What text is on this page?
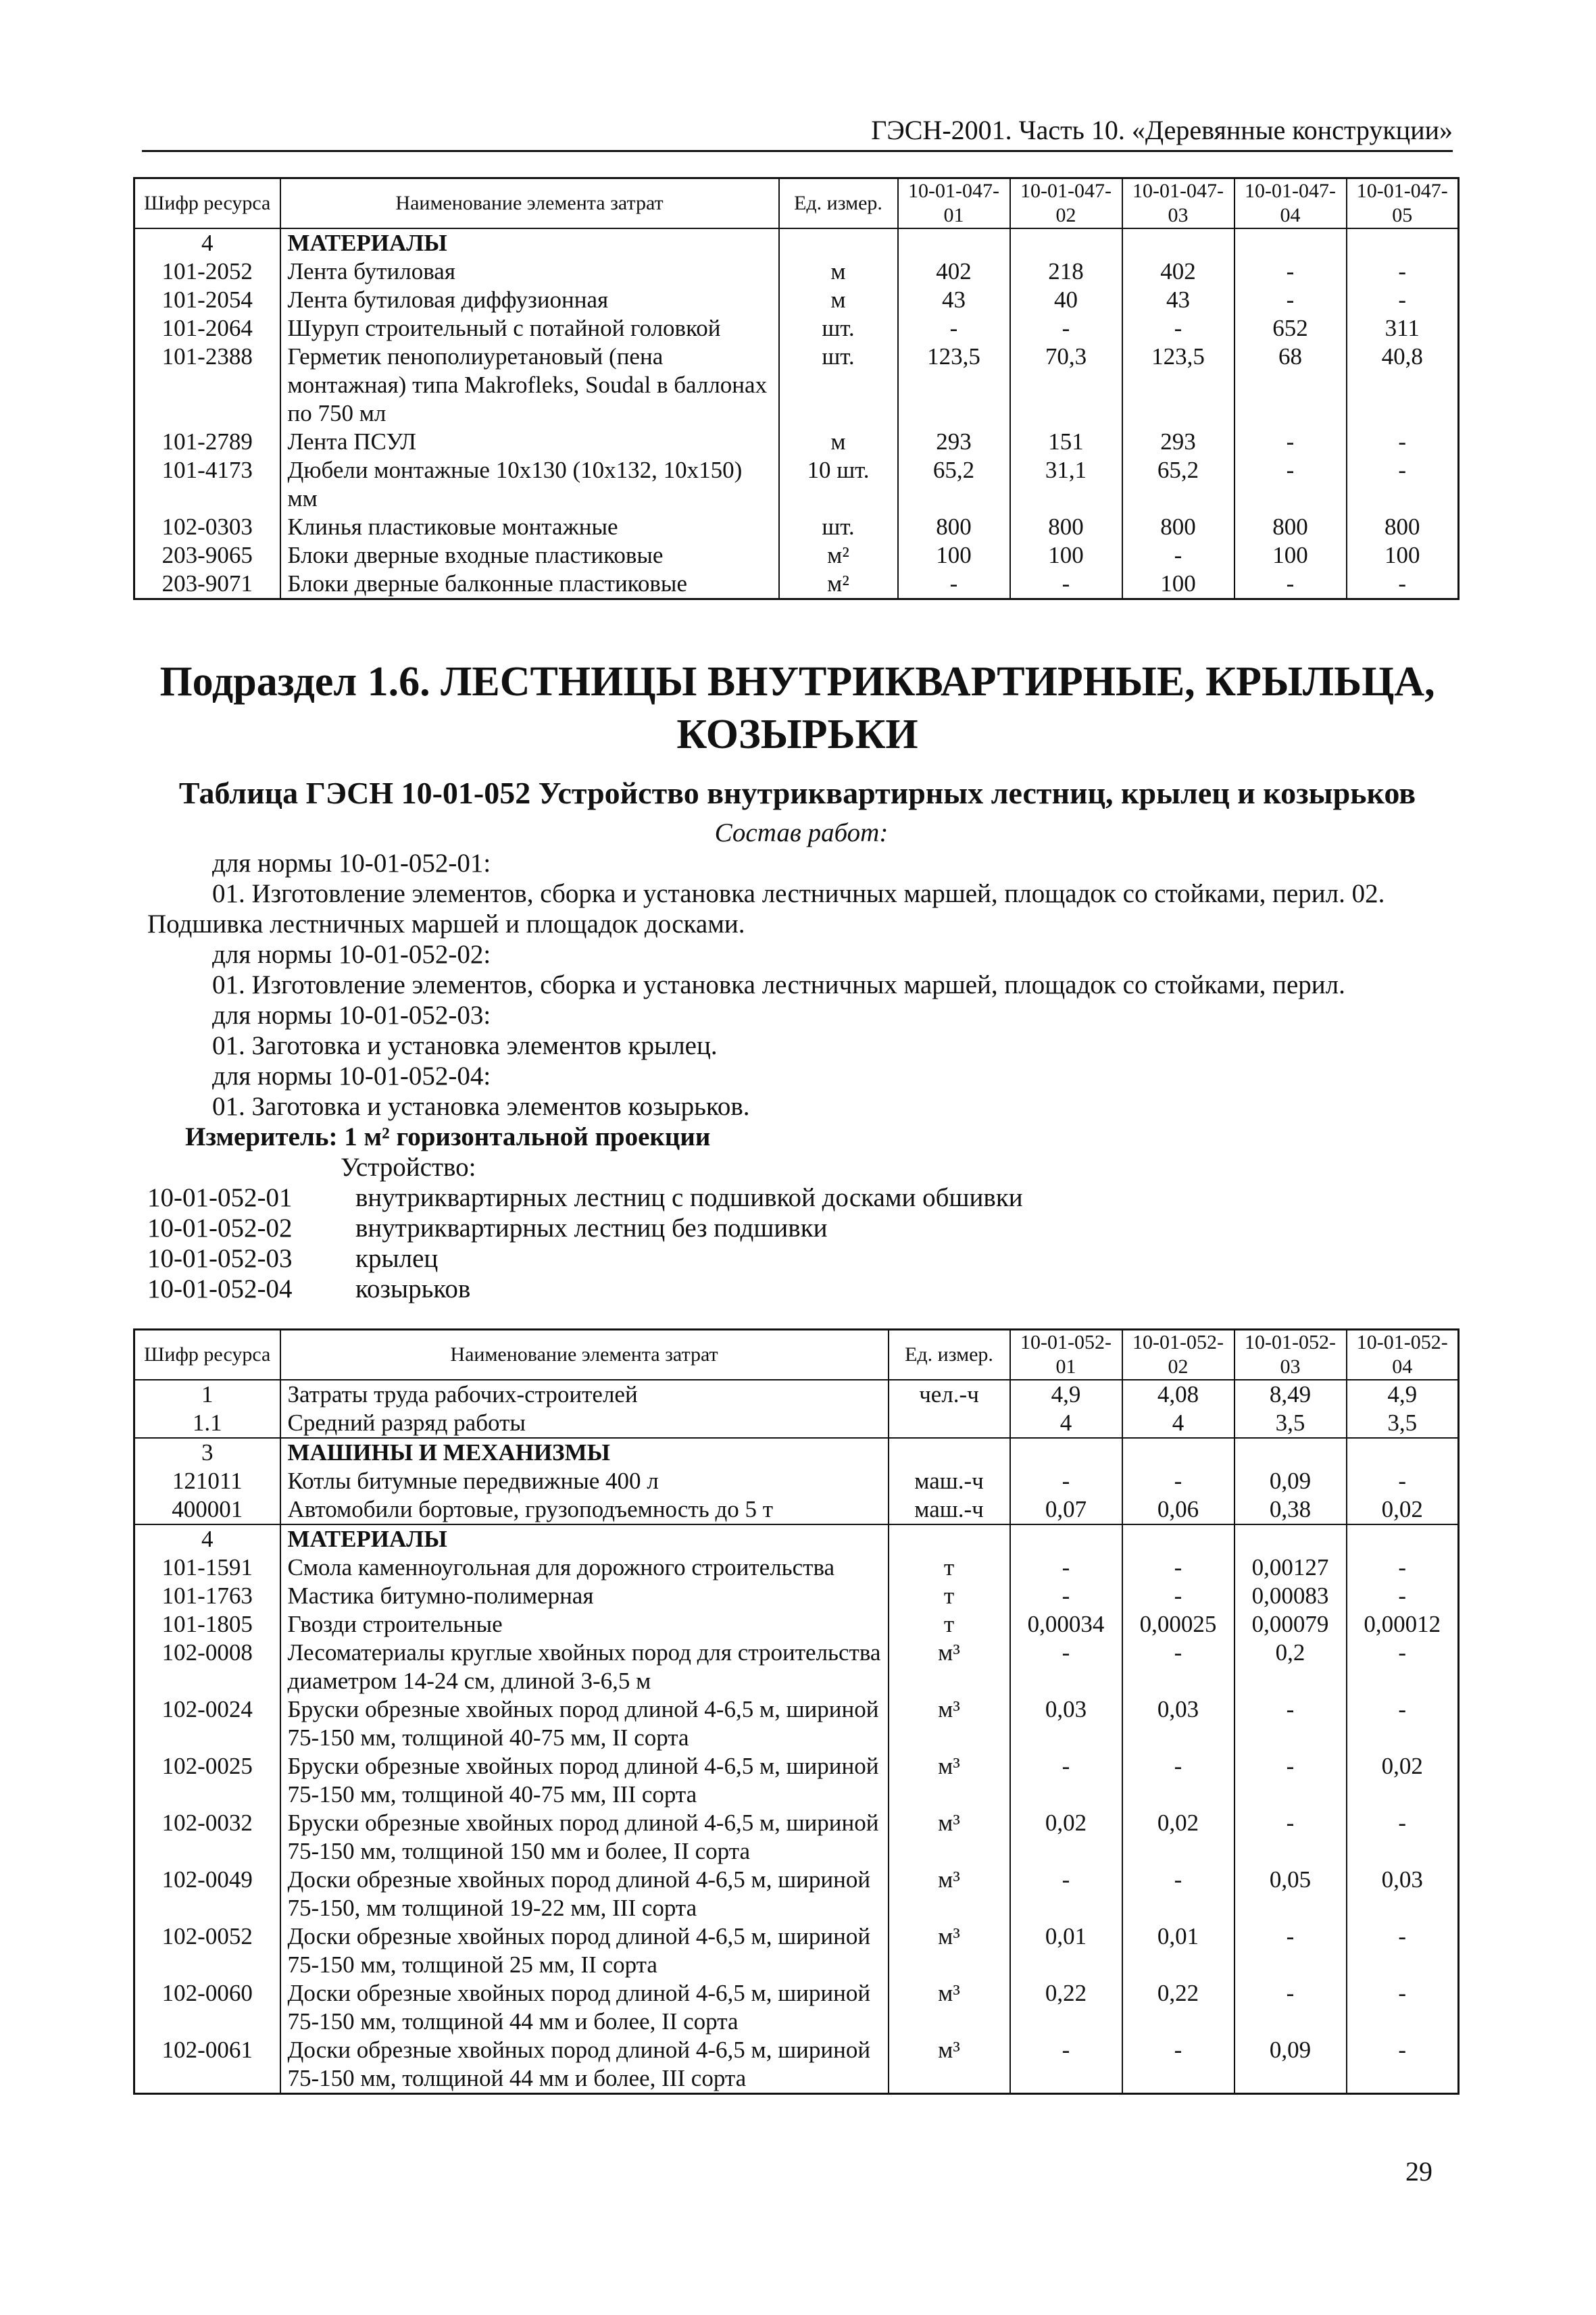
ГЭСН-2001. Часть 10. «Деревянные конструкции»
Шифр ресурса	Наименование элемента затрат	Ед. измер.	10-01-047-01	10-01-047-02	10-01-047-03	10-01-047-04	10-01-047-05
4	МАТЕРИАЛЫ						
101-2052	Лента бутиловая	м	402	218	402	-	-
101-2054	Лента бутиловая диффузионная	м	43	40	43	-	-
101-2064	Шуруп строительный с потайной головкой	шт.	-	-	-	652	311
101-2388	Герметик пенополиуретановый (пена монтажная) типа Makrofleks, Soudal в баллонах по 750 мл	шт.	123,5	70,3	123,5	68	40,8
101-2789	Лента ПСУЛ	м	293	151	293	-	-
101-4173	Дюбели монтажные 10х130 (10х132, 10х150) мм	10 шт.	65,2	31,1	65,2	-	-
102-0303	Клинья пластиковые монтажные	шт.	800	800	800	800	800
203-9065	Блоки дверные входные пластиковые	м²	100	100	-	100	100
203-9071	Блоки дверные балконные пластиковые	м²	-	-	100	-	-
Подраздел 1.6. ЛЕСТНИЦЫ ВНУТРИКВАРТИРНЫЕ, КРЫЛЬЦА, КОЗЫРЬКИ
Таблица ГЭСН 10-01-052 Устройство внутриквартирных лестниц, крылец и козырьков
Состав работ:
для нормы 10-01-052-01:
01. Изготовление элементов, сборка и установка лестничных маршей, площадок со стойками, перил. 02.
Подшивка лестничных маршей и площадок досками.
для нормы 10-01-052-02:
01. Изготовление элементов, сборка и установка лестничных маршей, площадок со стойками, перил.
для нормы 10-01-052-03:
01. Заготовка и установка элементов крылец.
для нормы 10-01-052-04:
01. Заготовка и установка элементов козырьков.
Измеритель: 1 м² горизонтальной проекции
Устройство:
10-01-052-01	внутриквартирных лестниц с подшивкой досками обшивки
10-01-052-02	внутриквартирных лестниц без подшивки
10-01-052-03	крылец
10-01-052-04	козырьков
Шифр ресурса	Наименование элемента затрат	Ед. измер.	10-01-052-01	10-01-052-02	10-01-052-03	10-01-052-04
1	Затраты труда рабочих-строителей	чел.-ч	4,9	4,08	8,49	4,9
1.1	Средний разряд работы		4	4	3,5	3,5
3	МАШИНЫ И МЕХАНИЗМЫ					
121011	Котлы битумные передвижные 400 л	маш.-ч	-	-	0,09	-
400001	Автомобили бортовые, грузоподъемность до 5 т	маш.-ч	0,07	0,06	0,38	0,02
4	МАТЕРИАЛЫ					
101-1591	Смола каменноугольная для дорожного строительства	т	-	-	0,00127	-
101-1763	Мастика битумно-полимерная	т	-	-	0,00083	-
101-1805	Гвозди строительные	т	0,00034	0,00025	0,00079	0,00012
102-0008	Лесоматериалы круглые хвойных пород для строительства диаметром 14-24 см, длиной 3-6,5 м	м³	-	-	0,2	-
102-0024	Бруски обрезные хвойных пород длиной 4-6,5 м, шириной 75-150 мм, толщиной 40-75 мм, II сорта	м³	0,03	0,03	-	-
102-0025	Бруски обрезные хвойных пород длиной 4-6,5 м, шириной 75-150 мм, толщиной 40-75 мм, III сорта	м³	-	-	-	0,02
102-0032	Бруски обрезные хвойных пород длиной 4-6,5 м, шириной 75-150 мм, толщиной 150 мм и более, II сорта	м³	0,02	0,02	-	-
102-0049	Доски обрезные хвойных пород длиной 4-6,5 м, шириной 75-150, мм толщиной 19-22 мм, III сорта	м³	-	-	0,05	0,03
102-0052	Доски обрезные хвойных пород длиной 4-6,5 м, шириной 75-150 мм, толщиной 25 мм, II сорта	м³	0,01	0,01	-	-
102-0060	Доски обрезные хвойных пород длиной 4-6,5 м, шириной 75-150 мм, толщиной 44 мм и более, II сорта	м³	0,22	0,22	-	-
102-0061	Доски обрезные хвойных пород длиной 4-6,5 м, шириной 75-150 мм, толщиной 44 мм и более, III сорта	м³	-	-	0,09	-
29
